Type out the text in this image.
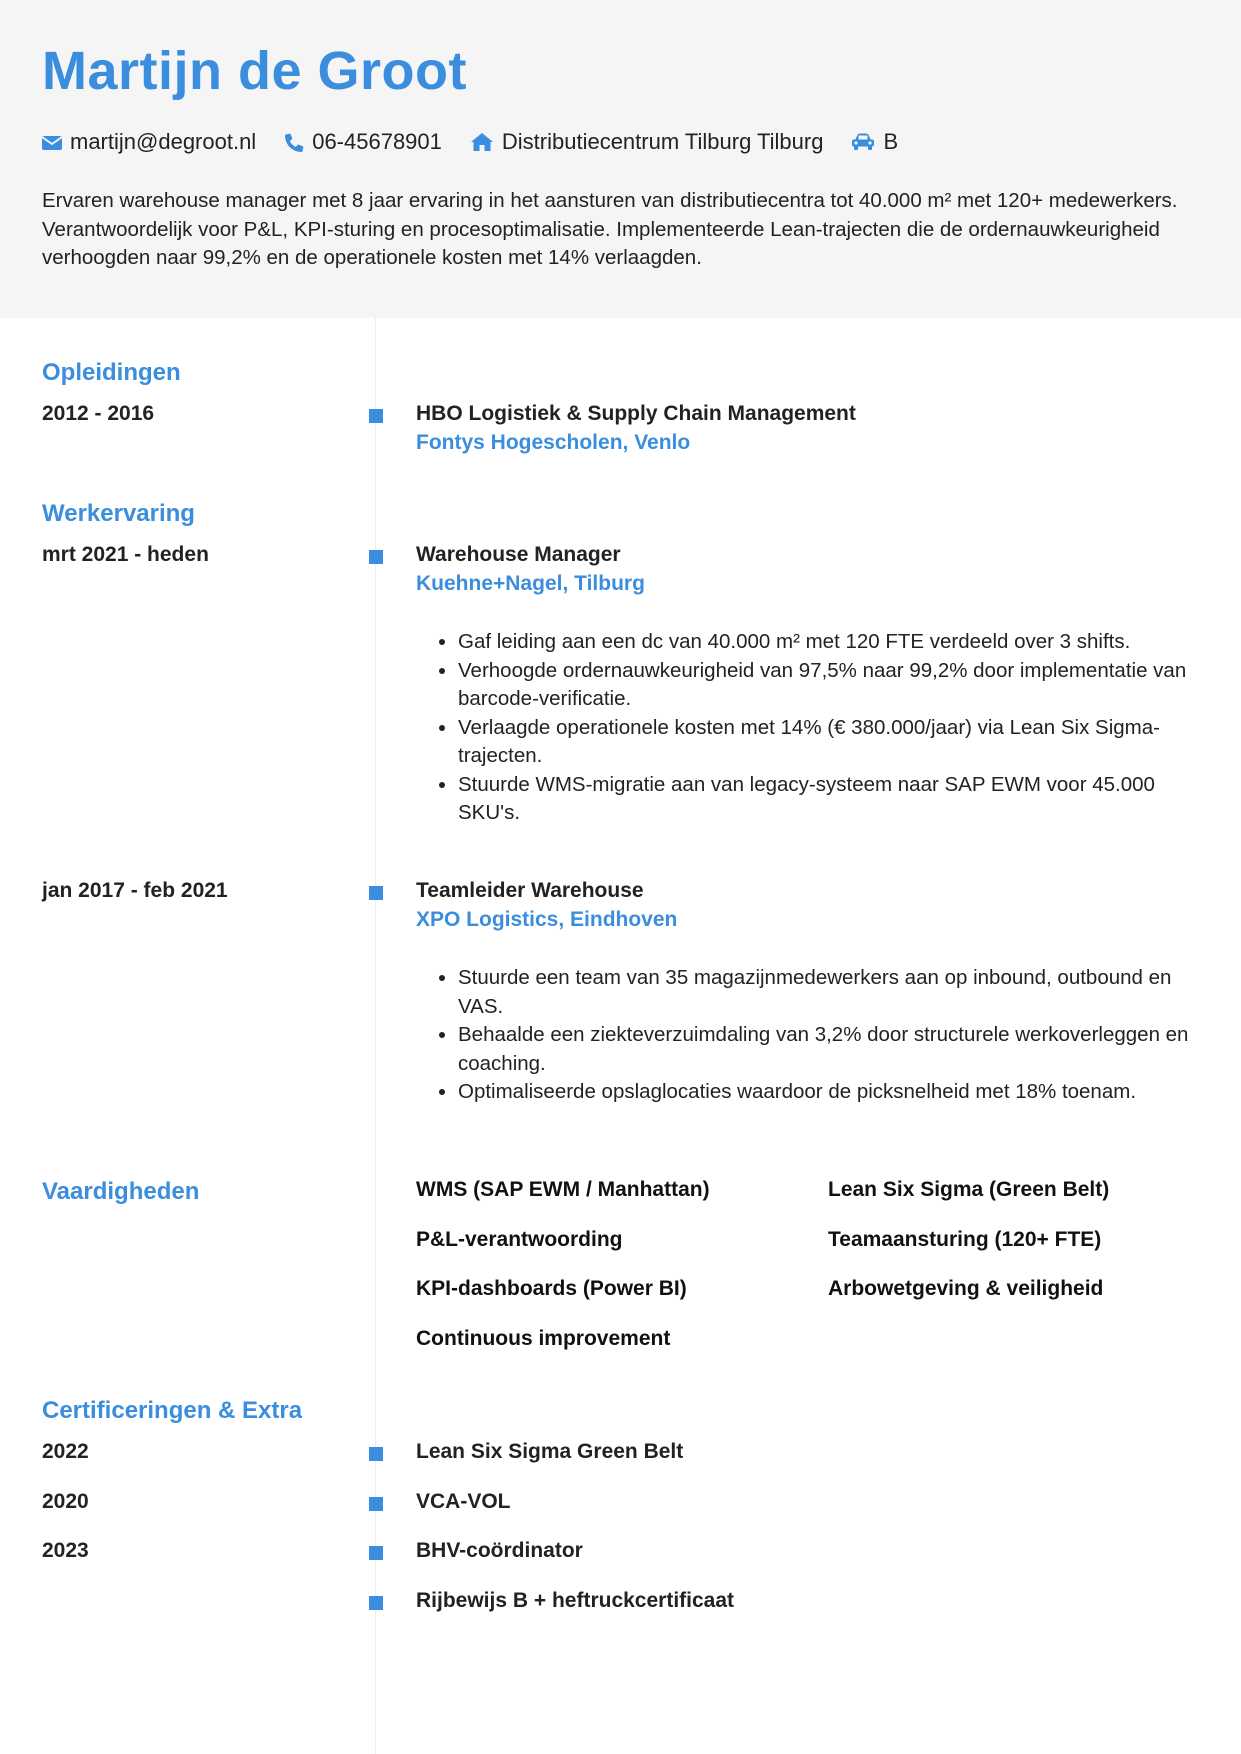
Martijn de Groot
martijn@degroot.nl	06-45678901	Distributiecentrum Tilburg Tilburg	B

Ervaren warehouse manager met 8 jaar ervaring in het aansturen van distributiecentra tot 40.000 m² met 120+ medewerkers. Verantwoordelijk voor P&L, KPI-sturing en procesoptimalisatie. Implementeerde Lean-trajecten die de ordernauwkeurigheid verhoogden naar 99,2% en de operationele kosten met 14% verlaagden.

Opleidingen
2012 - 2016	HBO Logistiek & Supply Chain Management
Fontys Hogescholen, Venlo
Werkervaring
mrt 2021 - heden	Warehouse Manager
Kuehne+Nagel, Tilburg
• Gaf leiding aan een dc van 40.000 m² met 120 FTE verdeeld over 3 shifts.
• Verhoogde ordernauwkeurigheid van 97,5% naar 99,2% door implementatie van barcode-verificatie.
• Verlaagde operationele kosten met 14% (€ 380.000/jaar) via Lean Six Sigma-trajecten.
• Stuurde WMS-migratie aan van legacy-systeem naar SAP EWM voor 45.000 SKU's.
jan 2017 - feb 2021	Teamleider Warehouse
XPO Logistics, Eindhoven
• Stuurde een team van 35 magazijnmedewerkers aan op inbound, outbound en VAS.
• Behaalde een ziekteverzuimdaling van 3,2% door structurele werkoverleggen en coaching.
• Optimaliseerde opslaglocaties waardoor de picksnelheid met 18% toenam.
Vaardigheden	WMS (SAP EWM / Manhattan)	Lean Six Sigma (Green Belt)
P&L-verantwoording	Teamaansturing (120+ FTE)
KPI-dashboards (Power BI)	Arbowetgeving & veiligheid
Continuous improvement
Certificeringen & Extra
2022	Lean Six Sigma Green Belt
2020	VCA-VOL
2023	BHV-coördinator
Rijbewijs B + heftruckcertificaat
